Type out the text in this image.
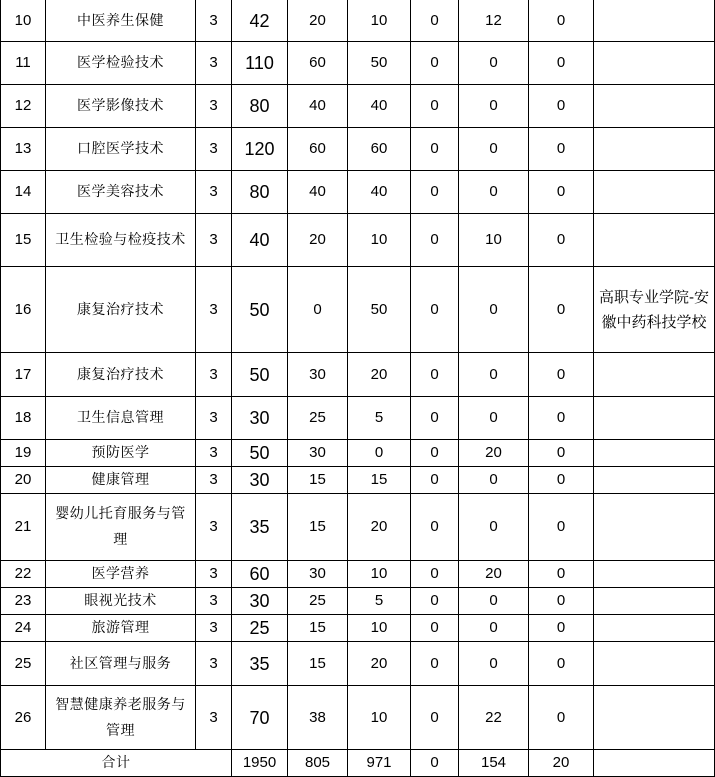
10	中医养生保健	3	42	20	10	0	12	0	
11	医学检验技术	3	110	60	50	0	0	0	
12	医学影像技术	3	80	40	40	0	0	0	
13	口腔医学技术	3	120	60	60	0	0	0	
14	医学美容技术	3	80	40	40	0	0	0	
15	卫生检验与检疫技术	3	40	20	10	0	10	0	
16	康复治疗技术	3	50	0	50	0	0	0	高职专业学院-安徽中药科技学校
17	康复治疗技术	3	50	30	20	0	0	0	
18	卫生信息管理	3	30	25	5	0	0	0	
19	预防医学	3	50	30	0	0	20	0	
20	健康管理	3	30	15	15	0	0	0	
21	婴幼儿托育服务与管理	3	35	15	20	0	0	0	
22	医学营养	3	60	30	10	0	20	0	
23	眼视光技术	3	30	25	5	0	0	0	
24	旅游管理	3	25	15	10	0	0	0	
25	社区管理与服务	3	35	15	20	0	0	0	
26	智慧健康养老服务与管理	3	70	38	10	0	22	0	
合计			1950	805	971	0	154	20	
